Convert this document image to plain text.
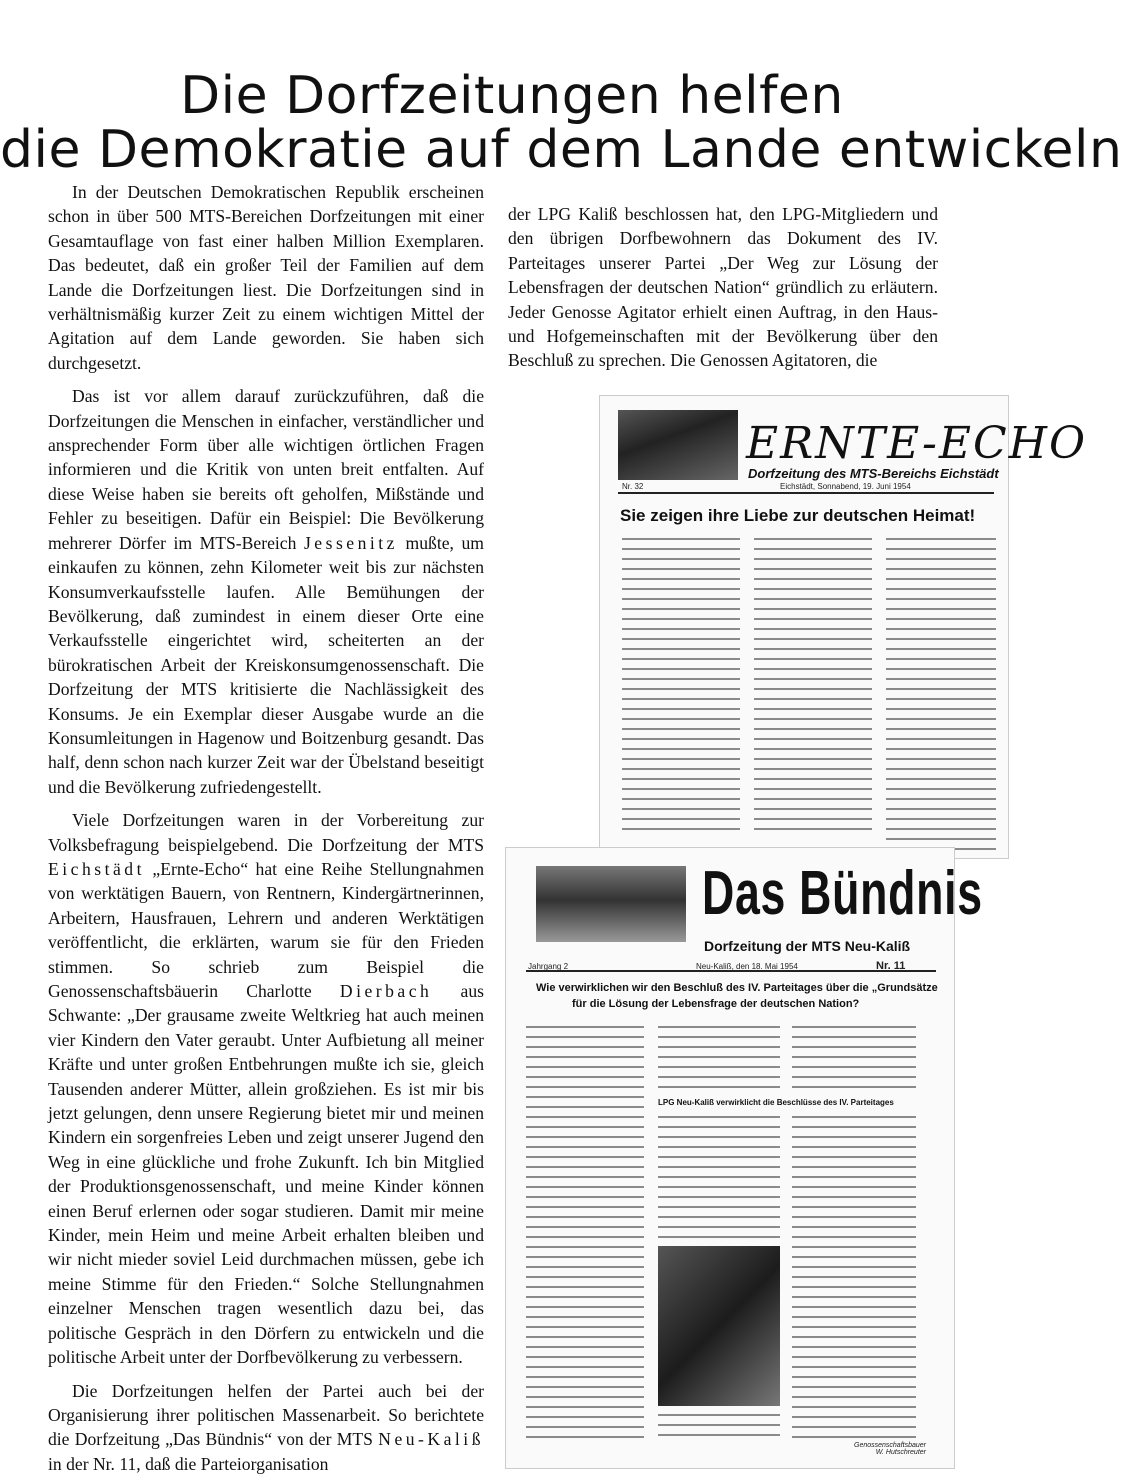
Die Dorfzeitungen helfen
die Demokratie auf dem Lande entwickeln

In der Deutschen Demokratischen Republik erscheinen schon in über 500 MTS-Bereichen Dorfzeitungen mit einer Gesamtauflage von fast einer halben Million Exemplaren. Das bedeutet, daß ein großer Teil der Familien auf dem Lande die Dorfzeitungen liest. Die Dorfzeitungen sind in verhältnismäßig kurzer Zeit zu einem wichtigen Mittel der Agitation auf dem Lande geworden. Sie haben sich durchgesetzt.

Das ist vor allem darauf zurückzuführen, daß die Dorfzeitungen die Menschen in einfacher, verständlicher und ansprechender Form über alle wichtigen örtlichen Fragen informieren und die Kritik von unten breit entfalten. Auf diese Weise haben sie bereits oft geholfen, Mißstände und Fehler zu beseitigen. Dafür ein Beispiel: Die Bevölkerung mehrerer Dörfer im MTS-Bereich Jessenitz mußte, um einkaufen zu können, zehn Kilometer weit bis zur nächsten Konsumverkaufsstelle laufen. Alle Bemühungen der Bevölkerung, daß zumindest in einem dieser Orte eine Verkaufsstelle eingerichtet wird, scheiterten an der bürokratischen Arbeit der Kreiskonsumgenossenschaft. Die Dorfzeitung der MTS kritisierte die Nachlässigkeit des Konsums. Je ein Exemplar dieser Ausgabe wurde an die Konsumleitungen in Hagenow und Boitzenburg gesandt. Das half, denn schon nach kurzer Zeit war der Übelstand beseitigt und die Bevölkerung zufriedengestellt.

Viele Dorfzeitungen waren in der Vorbereitung zur Volksbefragung beispielgebend. Die Dorfzeitung der MTS Eichstädt „Ernte-Echo“ hat eine Reihe Stellungnahmen von werktätigen Bauern, von Rentnern, Kindergärtnerinnen, Arbeitern, Hausfrauen, Lehrern und anderen Werktätigen veröffentlicht, die erklärten, warum sie für den Frieden stimmen. So schrieb zum Beispiel die Genossenschaftsbäuerin Charlotte Dierbach aus Schwante: „Der grausame zweite Weltkrieg hat auch meinen vier Kindern den Vater geraubt. Unter Aufbietung all meiner Kräfte und unter großen Entbehrungen mußte ich sie, gleich Tausenden anderer Mütter, allein großziehen. Es ist mir bis jetzt gelungen, denn unsere Regierung bietet mir und meinen Kindern ein sorgenfreies Leben und zeigt unserer Jugend den Weg in eine glückliche und frohe Zukunft. Ich bin Mitglied der Produktionsgenossenschaft, und meine Kinder können einen Beruf erlernen oder sogar studieren. Damit mir meine Kinder, mein Heim und meine Arbeit erhalten bleiben und wir nicht mieder soviel Leid durchmachen müssen, gebe ich meine Stimme für den Frieden.“ Solche Stellungnahmen einzelner Menschen tragen wesentlich dazu bei, das politische Gespräch in den Dörfern zu entwickeln und die politische Arbeit unter der Dorfbevölkerung zu verbessern.

Die Dorfzeitungen helfen der Partei auch bei der Organisierung ihrer politischen Massenarbeit. So berichtete die Dorfzeitung „Das Bündnis“ von der MTS Neu-Kaliß in der Nr. 11, daß die Parteiorganisation

der LPG Kaliß beschlossen hat, den LPG-Mitgliedern und den übrigen Dorfbewohnern das Dokument des IV. Parteitages unserer Partei „Der Weg zur Lösung der Lebensfragen der deutschen Nation“ gründlich zu erläutern. Jeder Genosse Agitator erhielt einen Auftrag, in den Haus- und Hofgemeinschaften mit der Bevölkerung über den Beschluß zu sprechen. Die Genossen Agitatoren, die

ERNTE-ECHO
Dorfzeitung des MTS-Bereichs Eichstädt
Nr. 32	Eichstädt, Sonnabend, 19. Juni 1954
Sie zeigen ihre Liebe zur deutschen Heimat!
Das Bündnis
Dorfzeitung der MTS Neu-Kaliß
Jahrgang 2	Neu-Kaliß, den 18. Mai 1954	Nr. 11
Wie verwirklichen wir den Beschluß des IV. Parteitages über die „Grundsätze
für die Lösung der Lebensfrage der deutschen Nation?
LPG Neu-Kaliß verwirklicht die Beschlüsse des IV. Parteitages
Genossenschaftsbauer
W. Hutschreuter
